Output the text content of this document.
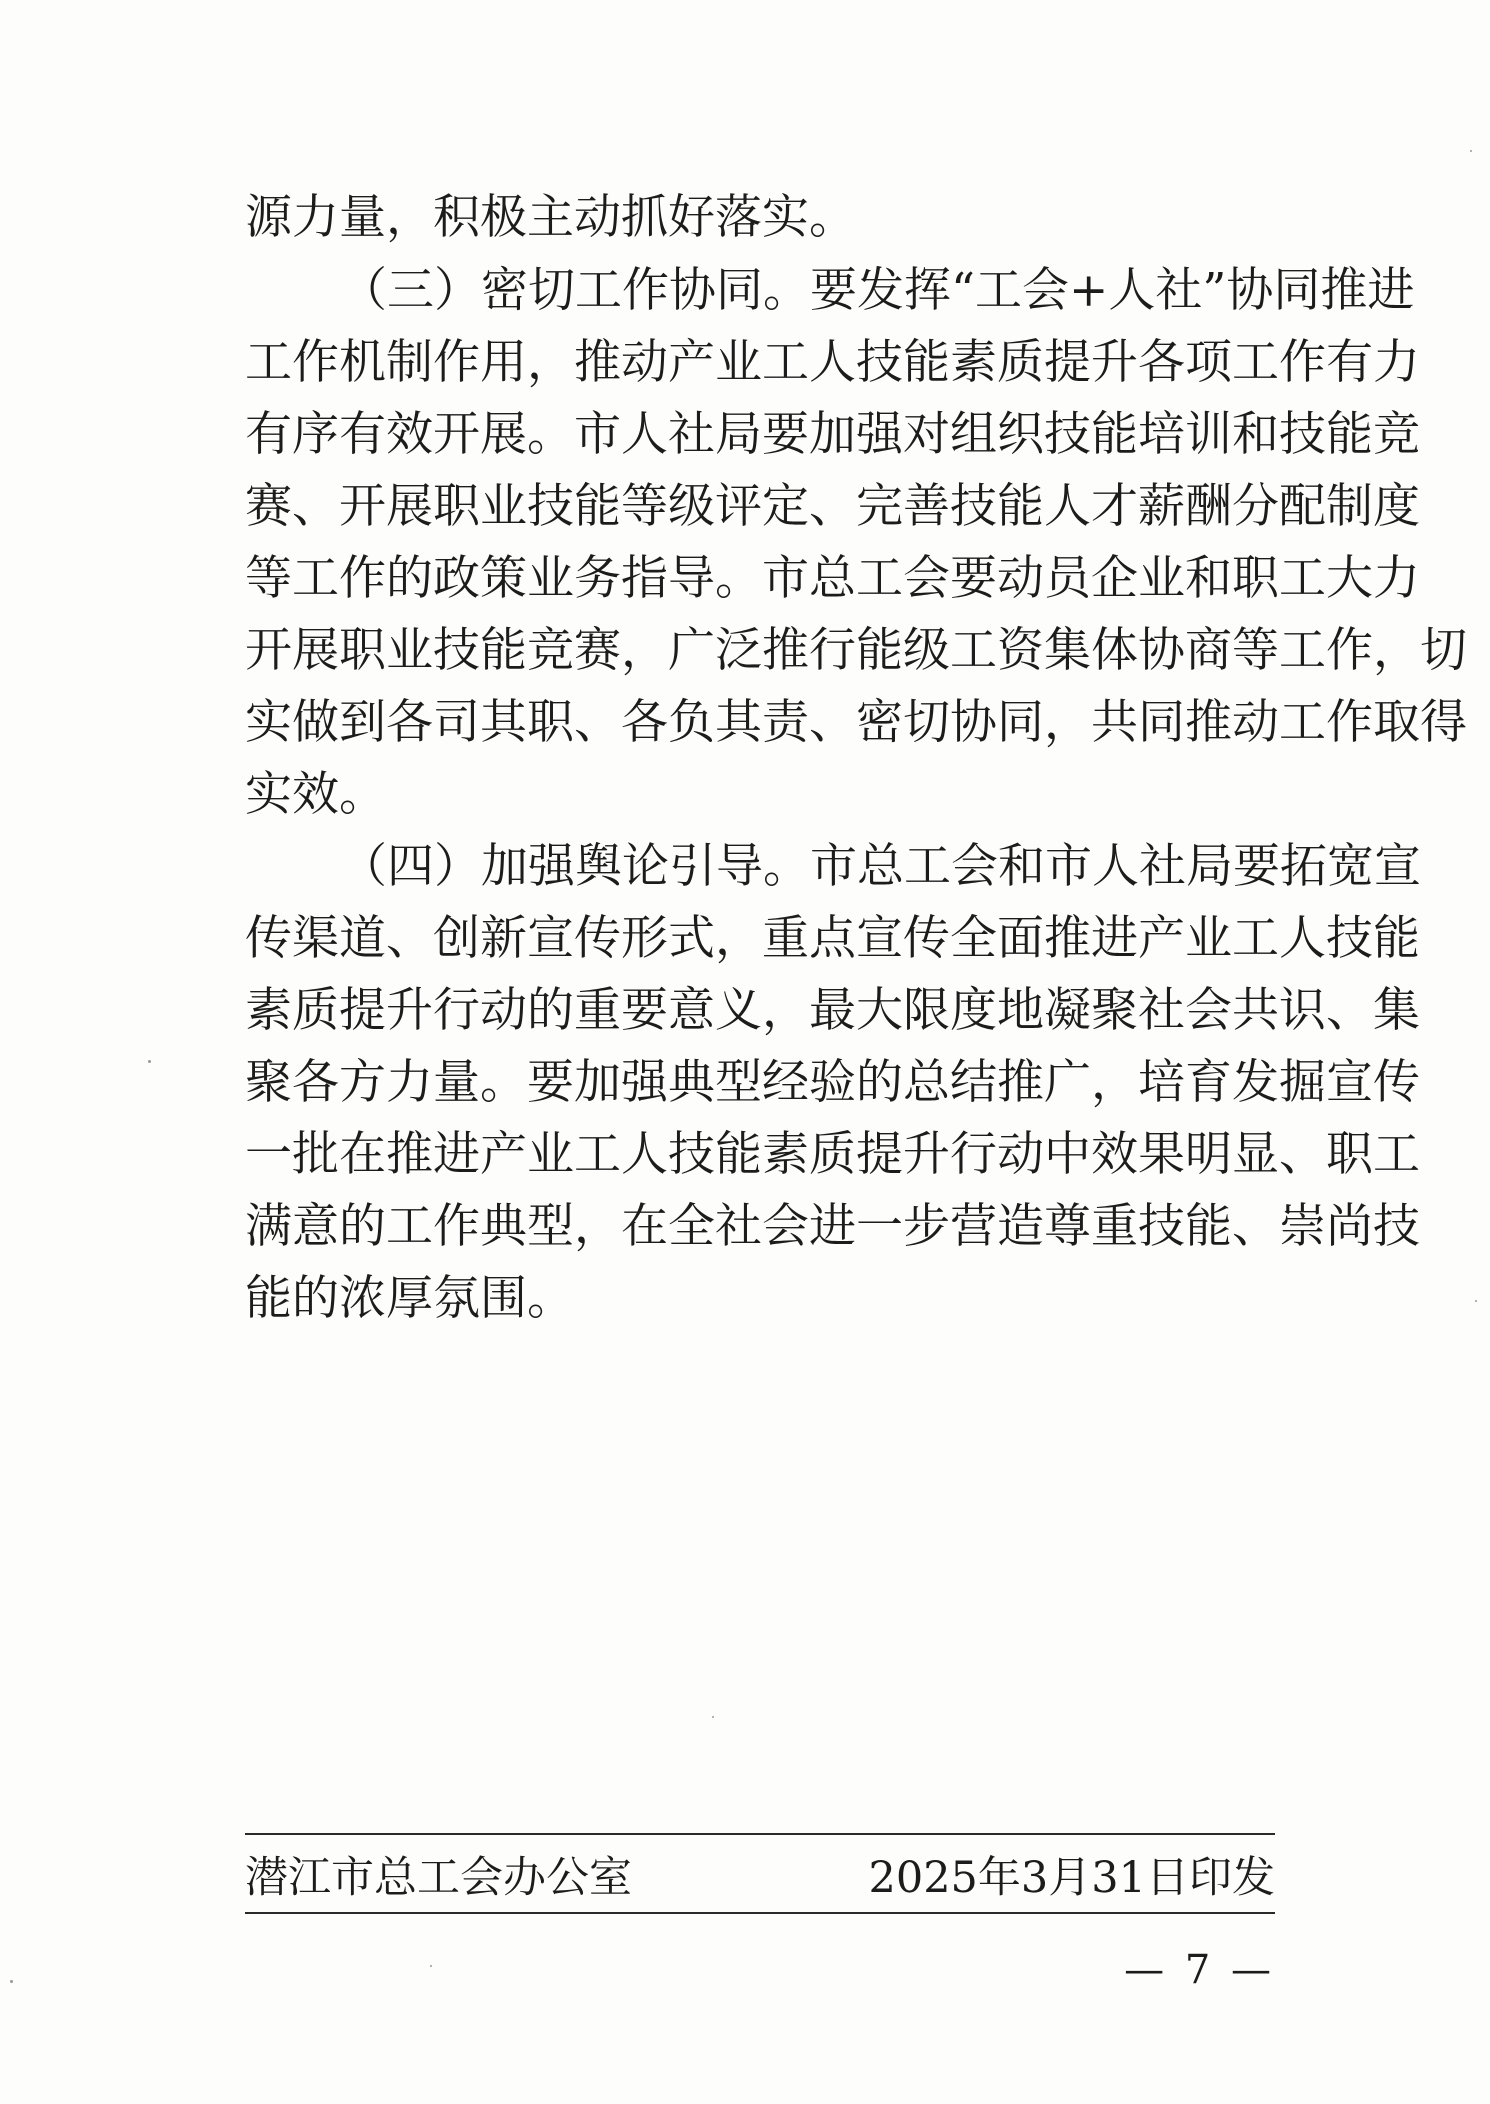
源力量，积极主动抓好落实。
（三）密切工作协同。要发挥“工会+人社”协同推进
工作机制作用，推动产业工人技能素质提升各项工作有力
有序有效开展。市人社局要加强对组织技能培训和技能竞
赛、开展职业技能等级评定、完善技能人才薪酬分配制度
等工作的政策业务指导。市总工会要动员企业和职工大力
开展职业技能竞赛，广泛推行能级工资集体协商等工作，切
实做到各司其职、各负其责、密切协同，共同推动工作取得
实效。
（四）加强舆论引导。市总工会和市人社局要拓宽宣
传渠道、创新宣传形式，重点宣传全面推进产业工人技能
素质提升行动的重要意义，最大限度地凝聚社会共识、集
聚各方力量。要加强典型经验的总结推广，培育发掘宣传
一批在推进产业工人技能素质提升行动中效果明显、职工
满意的工作典型，在全社会进一步营造尊重技能、崇尚技
能的浓厚氛围。
潜江市总工会办公室	2025年3月31日印发
— 7 —
